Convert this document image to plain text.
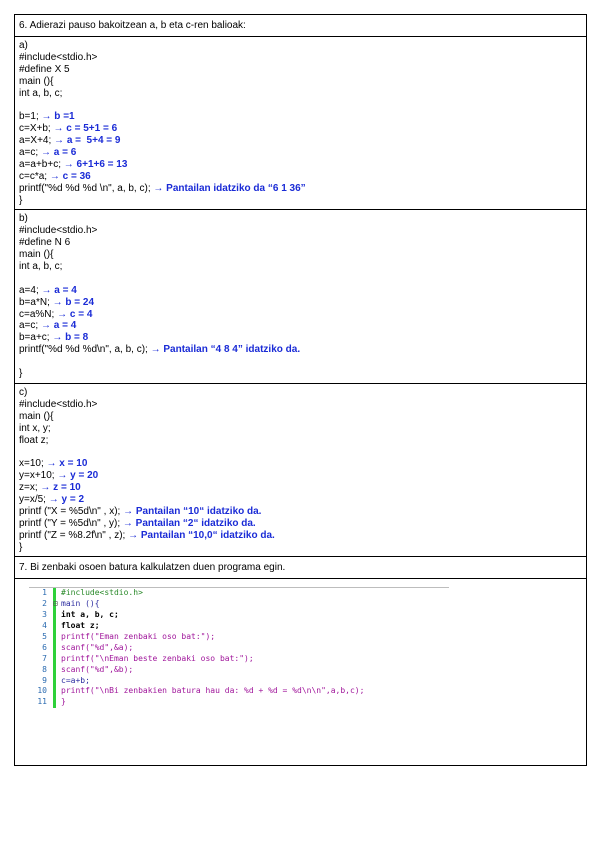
6. Adierazi pauso bakoitzean a, b eta c-ren balioak:
a)
#include<stdio.h>
#define X 5
main (){
int a, b, c;
b=1; → b =1
c=X+b; → c = 5+1 = 6
a=X+4; → a =  5+4 = 9
a=c; → a = 6
a=a+b+c; → 6+1+6 = 13
c=c*a; → c = 36
printf("%d %d %d \n", a, b, c); → Pantailan idatziko da “6 1 36”
}
b)
#include<stdio.h>
#define N 6
main (){
int a, b, c;
a=4; → a = 4
b=a*N; → b = 24
c=a%N; → c = 4
a=c; → a = 4
b=a+c; → b = 8
printf("%d %d %d\n", a, b, c); → Pantailan “4 8 4” idatziko da.
}
c)
#include<stdio.h>
main (){
int x, y;
float z;
x=10; → x = 10
y=x+10; → y = 20
z=x; → z = 10
y=x/5; → y = 2
printf ("X = %5d\n" , x); → Pantailan “10“ idatziko da.
printf ("Y = %5d\n" , y); → Pantailan “2“ idatziko da.
printf ("Z = %8.2f\n" , z); → Pantailan “10,0“ idatziko da.
}
7. Bi zenbaki osoen batura kalkulatzen duen programa egin.
1 #include<stdio.h>
2 ⊟ main (){
3 int a, b, c;
4 float z;
5 printf("Eman zenbaki oso bat:");
6 scanf("%d",&a);
7 printf("\nEman beste zenbaki oso bat:");
8 scanf("%d",&b);
9 c=a+b;
10 printf("\nBi zenbakien batura hau da: %d + %d = %d\n\n",a,b,c);
11 }
